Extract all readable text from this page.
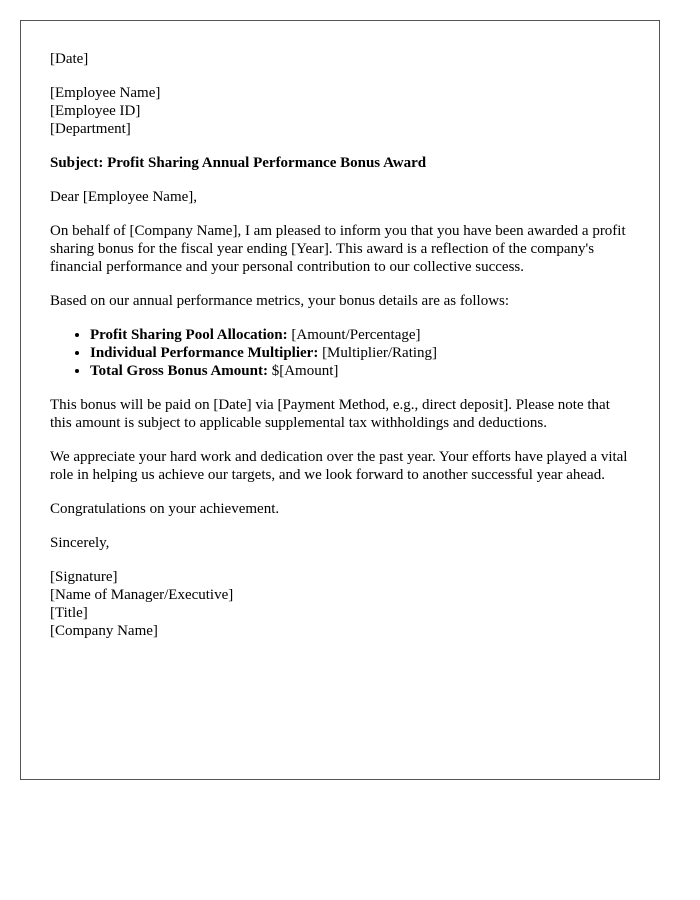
[Date]
[Employee Name]
[Employee ID]
[Department]
Subject: Profit Sharing Annual Performance Bonus Award
Dear [Employee Name],
On behalf of [Company Name], I am pleased to inform you that you have been awarded a profit sharing bonus for the fiscal year ending [Year]. This award is a reflection of the company's financial performance and your personal contribution to our collective success.
Based on our annual performance metrics, your bonus details are as follows:
• Profit Sharing Pool Allocation: [Amount/Percentage]
• Individual Performance Multiplier: [Multiplier/Rating]
• Total Gross Bonus Amount: $[Amount]
This bonus will be paid on [Date] via [Payment Method, e.g., direct deposit]. Please note that this amount is subject to applicable supplemental tax withholdings and deductions.
We appreciate your hard work and dedication over the past year. Your efforts have played a vital role in helping us achieve our targets, and we look forward to another successful year ahead.
Congratulations on your achievement.
Sincerely,
[Signature]
[Name of Manager/Executive]
[Title]
[Company Name]
